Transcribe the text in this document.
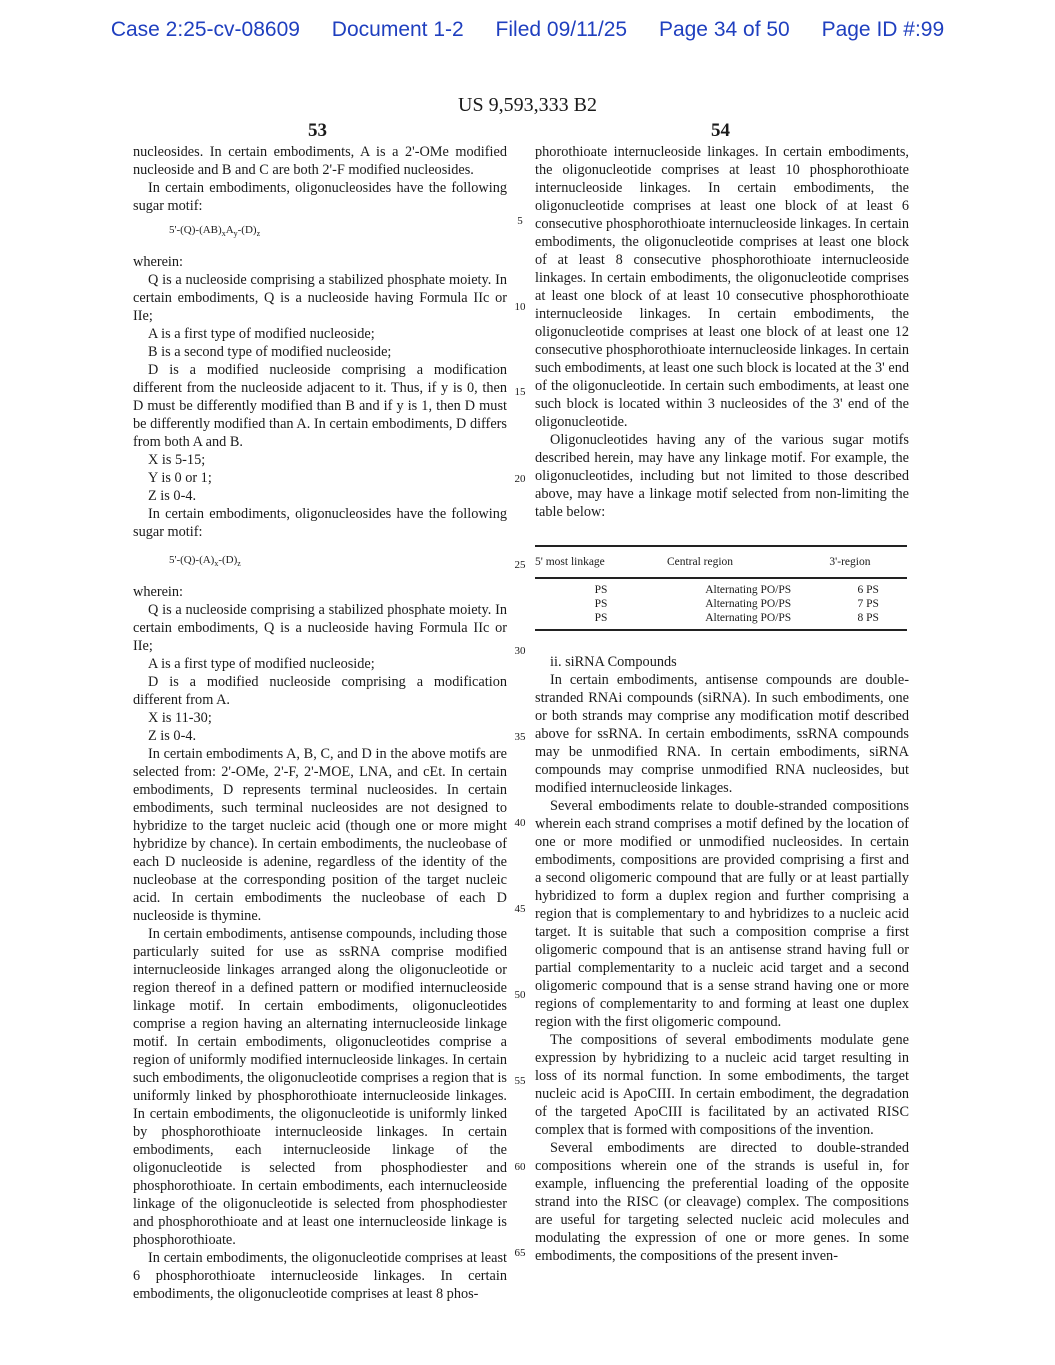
Case 2:25-cv-08609 Document 1-2 Filed 09/11/25 Page 34 of 50 Page ID #:99
US 9,593,333 B2
53	54

nucleosides. In certain embodiments, A is a 2'-OMe modified nucleoside and B and C are both 2'-F modified nucleosides.

In certain embodiments, oligonucleosides have the following sugar motif:

$5'-(Q)-(AB)_xA_y-(D)_z$

wherein:

Q is a nucleoside comprising a stabilized phosphate moiety. In certain embodiments, Q is a nucleoside having Formula IIc or IIe;

A is a first type of modified nucleoside;

B is a second type of modified nucleoside;

D is a modified nucleoside comprising a modification different from the nucleoside adjacent to it. Thus, if y is 0, then D must be differently modified than B and if y is 1, then D must be differently modified than A. In certain embodiments, D differs from both A and B.

X is 5-15;

Y is 0 or 1;

Z is 0-4.

In certain embodiments, oligonucleosides have the following sugar motif:

$5'-(Q)-(A)_x-(D)_z$

wherein:

Q is a nucleoside comprising a stabilized phosphate moiety. In certain embodiments, Q is a nucleoside having Formula IIc or IIe;

A is a first type of modified nucleoside;

D is a modified nucleoside comprising a modification different from A.

X is 11-30;

Z is 0-4.

In certain embodiments A, B, C, and D in the above motifs are selected from: 2'-OMe, 2'-F, 2'-MOE, LNA, and cEt. In certain embodiments, D represents terminal nucleosides. In certain embodiments, such terminal nucleosides are not designed to hybridize to the target nucleic acid (though one or more might hybridize by chance). In certain embodiments, the nucleobase of each D nucleoside is adenine, regardless of the identity of the nucleobase at the corresponding position of the target nucleic acid. In certain embodiments the nucleobase of each D nucleoside is thymine.

In certain embodiments, antisense compounds, including those particularly suited for use as ssRNA comprise modified internucleoside linkages arranged along the oligonucleotide or region thereof in a defined pattern or modified internucleoside linkage motif. In certain embodiments, oligonucleotides comprise a region having an alternating internucleoside linkage motif. In certain embodiments, oligonucleotides comprise a region of uniformly modified internucleoside linkages. In certain such embodiments, the oligonucleotide comprises a region that is uniformly linked by phosphorothioate internucleoside linkages. In certain embodiments, the oligonucleotide is uniformly linked by phosphorothioate internucleoside linkages. In certain embodiments, each internucleoside linkage of the oligonucleotide is selected from phosphodiester and phosphorothioate. In certain embodiments, each internucleoside linkage of the oligonucleotide is selected from phosphodiester and phosphorothioate and at least one internucleoside linkage is phosphorothioate.

In certain embodiments, the oligonucleotide comprises at least 6 phosphorothioate internucleoside linkages. In certain embodiments, the oligonucleotide comprises at least 8 phos-

5
10
15
20
25
30
35
40
45
50
55
60
65

phorothioate internucleoside linkages. In certain embodiments, the oligonucleotide comprises at least 10 phosphorothioate internucleoside linkages. In certain embodiments, the oligonucleotide comprises at least one block of at least 6 consecutive phosphorothioate internucleoside linkages. In certain embodiments, the oligonucleotide comprises at least one block of at least 8 consecutive phosphorothioate internucleoside linkages. In certain embodiments, the oligonucleotide comprises at least one block of at least 10 consecutive phosphorothioate internucleoside linkages. In certain embodiments, the oligonucleotide comprises at least one block of at least one 12 consecutive phosphorothioate internucleoside linkages. In certain such embodiments, at least one such block is located at the 3' end of the oligonucleotide. In certain such embodiments, at least one such block is located within 3 nucleosides of the 3' end of the oligonucleotide.

Oligonucleotides having any of the various sugar motifs described herein, may have any linkage motif. For example, the oligonucleotides, including but not limited to those described above, may have a linkage motif selected from non-limiting the table below:

5' most linkage	Central region	3'-region
PS	Alternating PO/PS	6 PS
PS	Alternating PO/PS	7 PS
PS	Alternating PO/PS	8 PS

ii. siRNA Compounds

In certain embodiments, antisense compounds are double-stranded RNAi compounds (siRNA). In such embodiments, one or both strands may comprise any modification motif described above for ssRNA. In certain embodiments, ssRNA compounds may be unmodified RNA. In certain embodiments, siRNA compounds may comprise unmodified RNA nucleosides, but modified internucleoside linkages.

Several embodiments relate to double-stranded compositions wherein each strand comprises a motif defined by the location of one or more modified or unmodified nucleosides. In certain embodiments, compositions are provided comprising a first and a second oligomeric compound that are fully or at least partially hybridized to form a duplex region and further comprising a region that is complementary to and hybridizes to a nucleic acid target. It is suitable that such a composition comprise a first oligomeric compound that is an antisense strand having full or partial complementarity to a nucleic acid target and a second oligomeric compound that is a sense strand having one or more regions of complementarity to and forming at least one duplex region with the first oligomeric compound.

The compositions of several embodiments modulate gene expression by hybridizing to a nucleic acid target resulting in loss of its normal function. In some embodiments, the target nucleic acid is ApoCIII. In certain embodiment, the degradation of the targeted ApoCIII is facilitated by an activated RISC complex that is formed with compositions of the invention.

Several embodiments are directed to double-stranded compositions wherein one of the strands is useful in, for example, influencing the preferential loading of the opposite strand into the RISC (or cleavage) complex. The compositions are useful for targeting selected nucleic acid molecules and modulating the expression of one or more genes. In some embodiments, the compositions of the present inven-
